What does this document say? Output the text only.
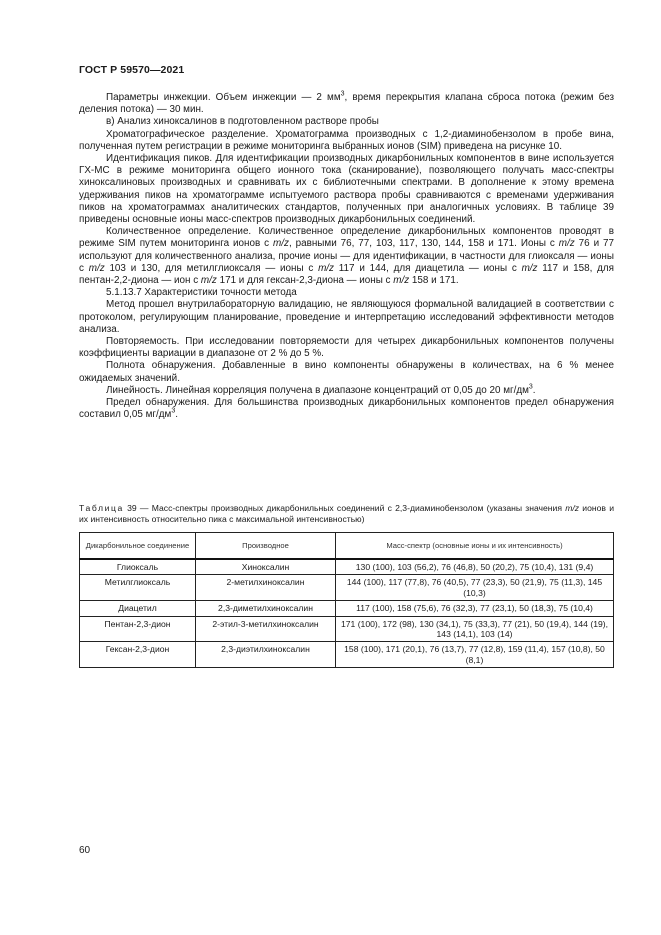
ГОСТ Р 59570—2021

Параметры инжекции. Объем инжекции — 2 $мм^3$, время перекрытия клапана сброса потока (режим без деления потока) — 30 мин.

в) Анализ хиноксалинов в подготовленном растворе пробы

Хроматографическое разделение. Хроматограмма производных с 1,2-диаминобензолом в пробе вина, полученная путем регистрации в режиме мониторинга выбранных ионов (SIM) приведена на рисунке 10.

Идентификация пиков. Для идентификации производных дикарбонильных компонентов в вине используется ГХ-МС в режиме мониторинга общего ионного тока (сканирование), позволяющего получать масс-спектры хиноксалиновых производных и сравнивать их с библиотечными спектрами. В дополнение к этому времена удерживания пиков на хроматограмме испытуемого раствора пробы сравниваются с временами удерживания пиков на хроматограммах аналитических стандартов, полученных при аналогичных условиях. В таблице 39 приведены основные ионы масс-спектров производных дикарбонильных соединений.

Количественное определение. Количественное определение дикарбонильных компонентов проводят в режиме SIM путем мониторинга ионов с m/z, равными 76, 77, 103, 117, 130, 144, 158 и 171. Ионы с m/z 76 и 77 используют для количественного анализа, прочие ионы — для идентификации, в частности для глиоксаля — ионы с m/z 103 и 130, для метилглиоксаля — ионы с m/z 117 и 144, для диацетила — ионы с m/z 117 и 158, для пентан-2,2-диона — ион с m/z 171 и для гексан-2,3-диона — ионы с m/z 158 и 171.

5.1.13.7 Характеристики точности метода

Метод прошел внутрилабораторную валидацию, не являющуюся формальной валидацией в соответствии с протоколом, регулирующим планирование, проведение и интерпретацию исследований эффективности методов анализа.

Повторяемость. При исследовании повторяемости для четырех дикарбонильных компонентов получены коэффициенты вариации в диапазоне от 2 % до 5 %.

Полнота обнаружения. Добавленные в вино компоненты обнаружены в количествах, на 6 % менее ожидаемых значений.

Линейность. Линейная корреляция получена в диапазоне концентраций от 0,05 до 20 $мг/дм^3$.

Предел обнаружения. Для большинства производных дикарбонильных компонентов предел обнаружения составил 0,05 $мг/дм^3$.

Таблица 39 — Масс-спектры производных дикарбонильных соединений с 2,3-диаминобензолом (указаны значения m/z ионов и их интенсивность относительно пика с максимальной интенсивностью)
Дикарбонильное соединение	Производное	Масс-спектр (основные ионы и их интенсивность)
Глиоксаль	Хиноксалин	130 (100), 103 (56,2), 76 (46,8), 50 (20,2), 75 (10,4), 131 (9,4)
Метилглиоксаль	2-метилхиноксалин	144 (100), 117 (77,8), 76 (40,5), 77 (23,3), 50 (21,9), 75 (11,3), 145 (10,3)
Диацетил	2,3-диметилхиноксалин	117 (100), 158 (75,6), 76 (32,3), 77 (23,1), 50 (18,3), 75 (10,4)
Пентан-2,3-дион	2-этил-3-метилхиноксалин	171 (100), 172 (98), 130 (34,1), 75 (33,3), 77 (21), 50 (19,4), 144 (19), 143 (14,1), 103 (14)
Гексан-2,3-дион	2,3-диэтилхиноксалин	158 (100), 171 (20,1), 76 (13,7), 77 (12,8), 159 (11,4), 157 (10,8), 50 (8,1)
60
